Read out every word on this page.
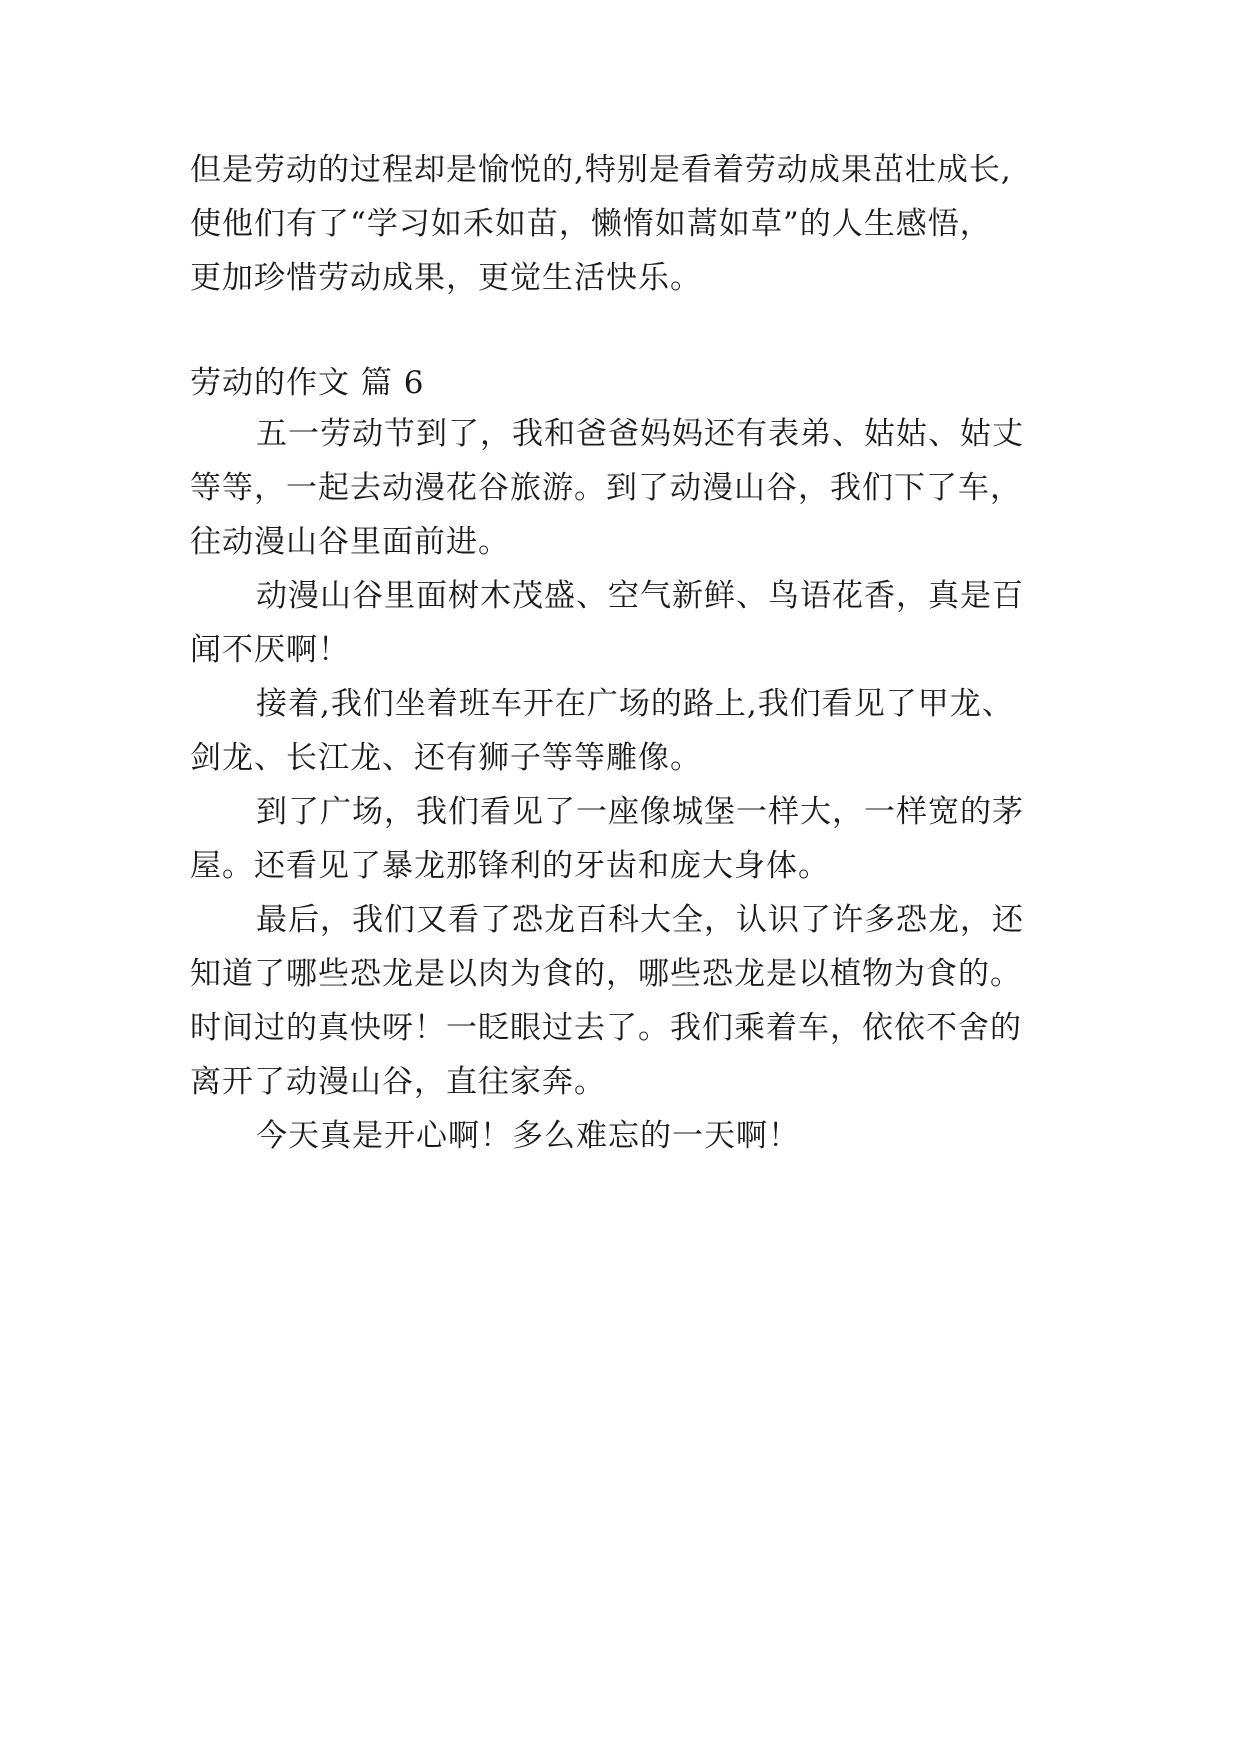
但是劳动的过程却是愉悦的,特别是看着劳动成果茁壮成长,
使他们有了“学习如禾如苗，懒惰如蒿如草”的人生感悟，
更加珍惜劳动成果，更觉生活快乐。
劳动的作文 篇 6
五一劳动节到了，我和爸爸妈妈还有表弟、姑姑、姑丈
等等，一起去动漫花谷旅游。到了动漫山谷，我们下了车，
往动漫山谷里面前进。
动漫山谷里面树木茂盛、空气新鲜、鸟语花香，真是百
闻不厌啊！
接着,我们坐着班车开在广场的路上,我们看见了甲龙、
剑龙、长江龙、还有狮子等等雕像。
到了广场，我们看见了一座像城堡一样大，一样宽的茅
屋。还看见了暴龙那锋利的牙齿和庞大身体。
最后，我们又看了恐龙百科大全，认识了许多恐龙，还
知道了哪些恐龙是以肉为食的，哪些恐龙是以植物为食的。
时间过的真快呀！一眨眼过去了。我们乘着车，依依不舍的
离开了动漫山谷，直往家奔。
今天真是开心啊！多么难忘的一天啊！
